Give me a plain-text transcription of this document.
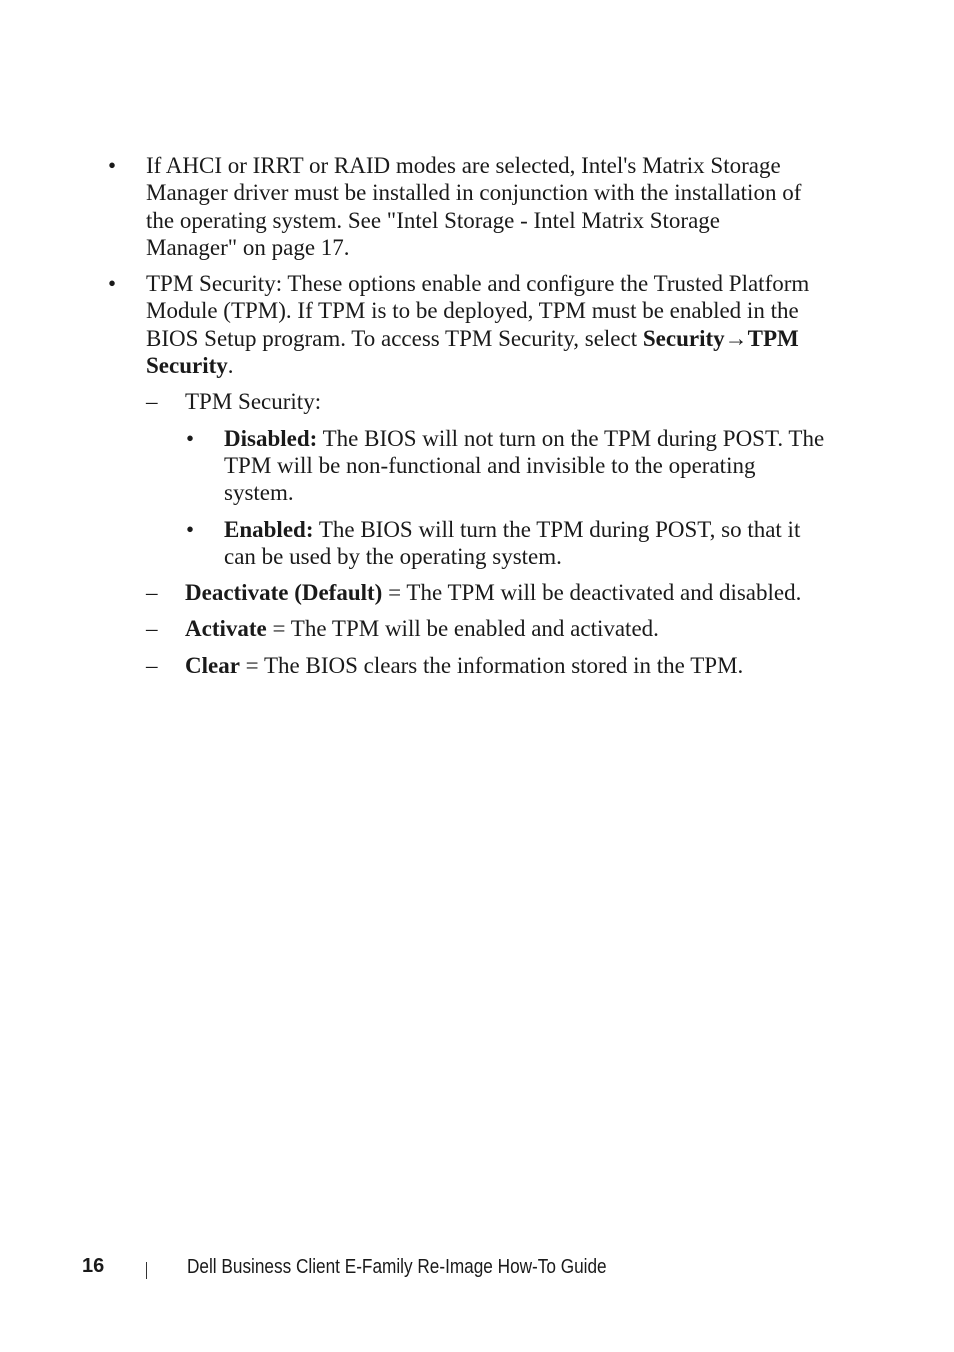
• If AHCI or IRRT or RAID modes are selected, Intel's Matrix Storage Manager driver must be installed in conjunction with the installation of the operating system. See "Intel Storage - Intel Matrix Storage Manager" on page 17.
• TPM Security: These options enable and configure the Trusted Platform Module (TPM). If TPM is to be deployed, TPM must be enabled in the BIOS Setup program. To access TPM Security, select Security→TPM Security.
– TPM Security:
• Disabled: The BIOS will not turn on the TPM during POST. The TPM will be non-functional and invisible to the operating system.
• Enabled: The BIOS will turn the TPM during POST, so that it can be used by the operating system.
– Deactivate (Default) = The TPM will be deactivated and disabled.
– Activate = The TPM will be enabled and activated.
– Clear = The BIOS clears the information stored in the TPM.
16	Dell Business Client E-Family Re-Image How-To Guide
